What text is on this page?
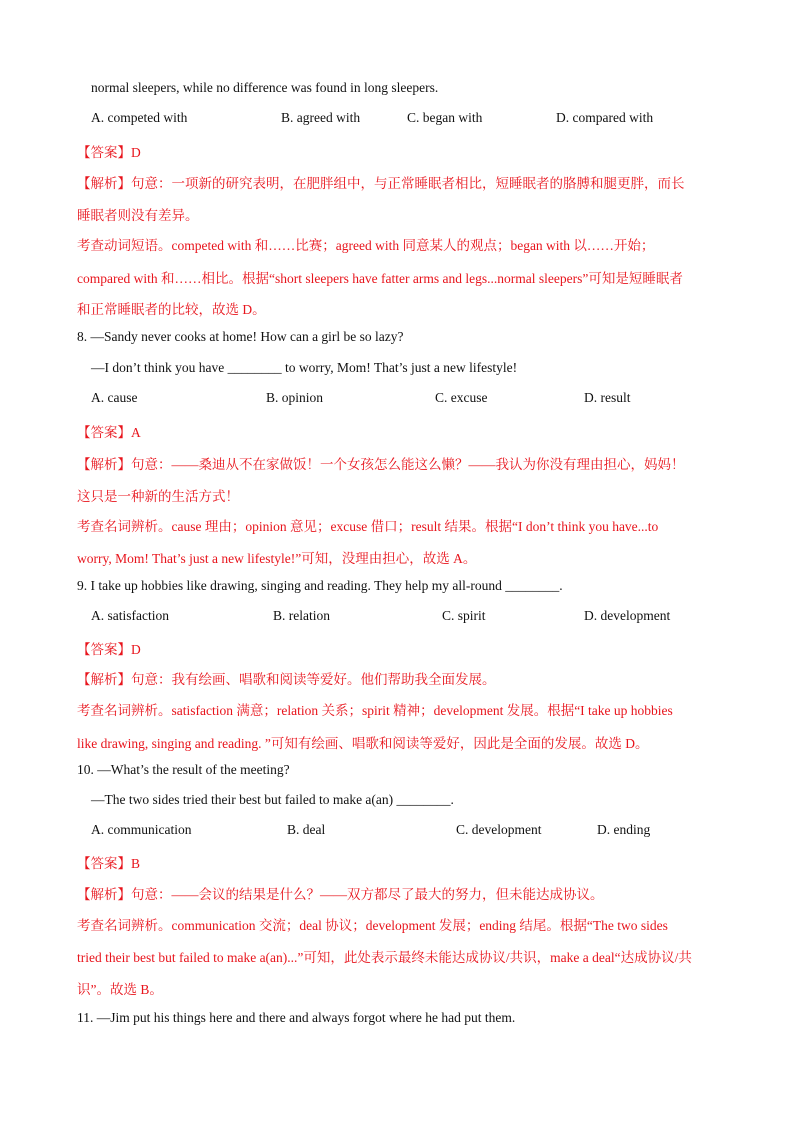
normal sleepers, while no difference was found in long sleepers.
A. competed with	B. agreed with	C. began with	D. compared with
【答案】D
【解析】句意：一项新的研究表明，在肥胖组中，与正常睡眠者相比，短睡眠者的胳膊和腿更胖，而长
睡眠者则没有差异。
考查动词短语。competed with 和……比赛；agreed with 同意某人的观点；began with 以……开始；
compared with 和……相比。根据“short sleepers have fatter arms and legs...normal sleepers”可知是短睡眠者
和正常睡眠者的比较，故选 D。
8. —Sandy never cooks at home! How can a girl be so lazy?
—I don’t think you have ________ to worry, Mom! That’s just a new lifestyle!
A. cause	B. opinion	C. excuse	D. result
【答案】A
【解析】句意：——桑迪从不在家做饭！一个女孩怎么能这么懒？——我认为你没有理由担心，妈妈！
这只是一种新的生活方式！
考查名词辨析。cause 理由；opinion 意见；excuse 借口；result 结果。根据“I don’t think you have...to
worry, Mom! That’s just a new lifestyle!”可知，没理由担心，故选 A。
9. I take up hobbies like drawing, singing and reading. They help my all-round ________.
A. satisfaction	B. relation	C. spirit	D. development
【答案】D
【解析】句意：我有绘画、唱歌和阅读等爱好。他们帮助我全面发展。
考查名词辨析。satisfaction 满意；relation 关系；spirit 精神；development 发展。根据“I take up hobbies
like drawing, singing and reading. ”可知有绘画、唱歌和阅读等爱好，因此是全面的发展。故选 D。
10. —What’s the result of the meeting?
—The two sides tried their best but failed to make a(an) ________.
A. communication	B. deal	C. development	D. ending
【答案】B
【解析】句意：——会议的结果是什么？——双方都尽了最大的努力，但未能达成协议。
考查名词辨析。communication 交流；deal 协议；development 发展；ending 结尾。根据“The two sides
tried their best but failed to make a(an)...”可知，此处表示最终未能达成协议/共识，make a deal“达成协议/共
识”。故选 B。
11. —Jim put his things here and there and always forgot where he had put them.
